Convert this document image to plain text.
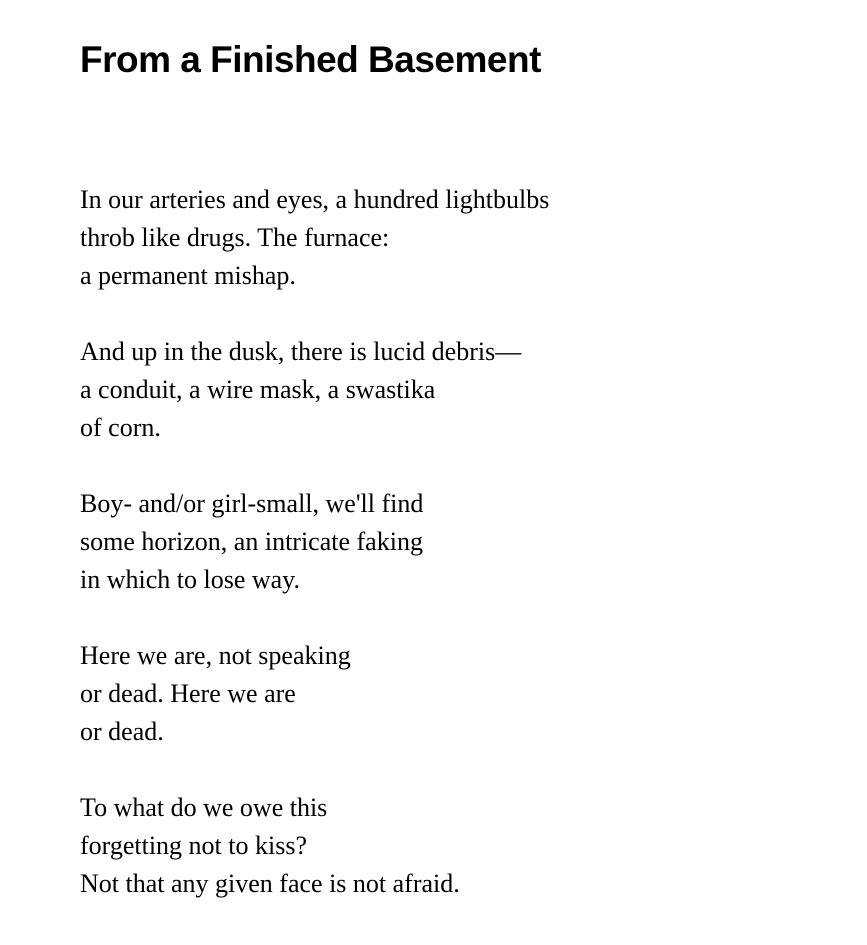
From a Finished Basement
In our arteries and eyes, a hundred lightbulbs
throb like drugs. The furnace:
a permanent mishap.
And up in the dusk, there is lucid debris—
a conduit, a wire mask, a swastika
of corn.
Boy- and/or girl-small, we'll find
some horizon, an intricate faking
in which to lose way.
Here we are, not speaking
or dead. Here we are
or dead.
To what do we owe this
forgetting not to kiss?
Not that any given face is not afraid.
